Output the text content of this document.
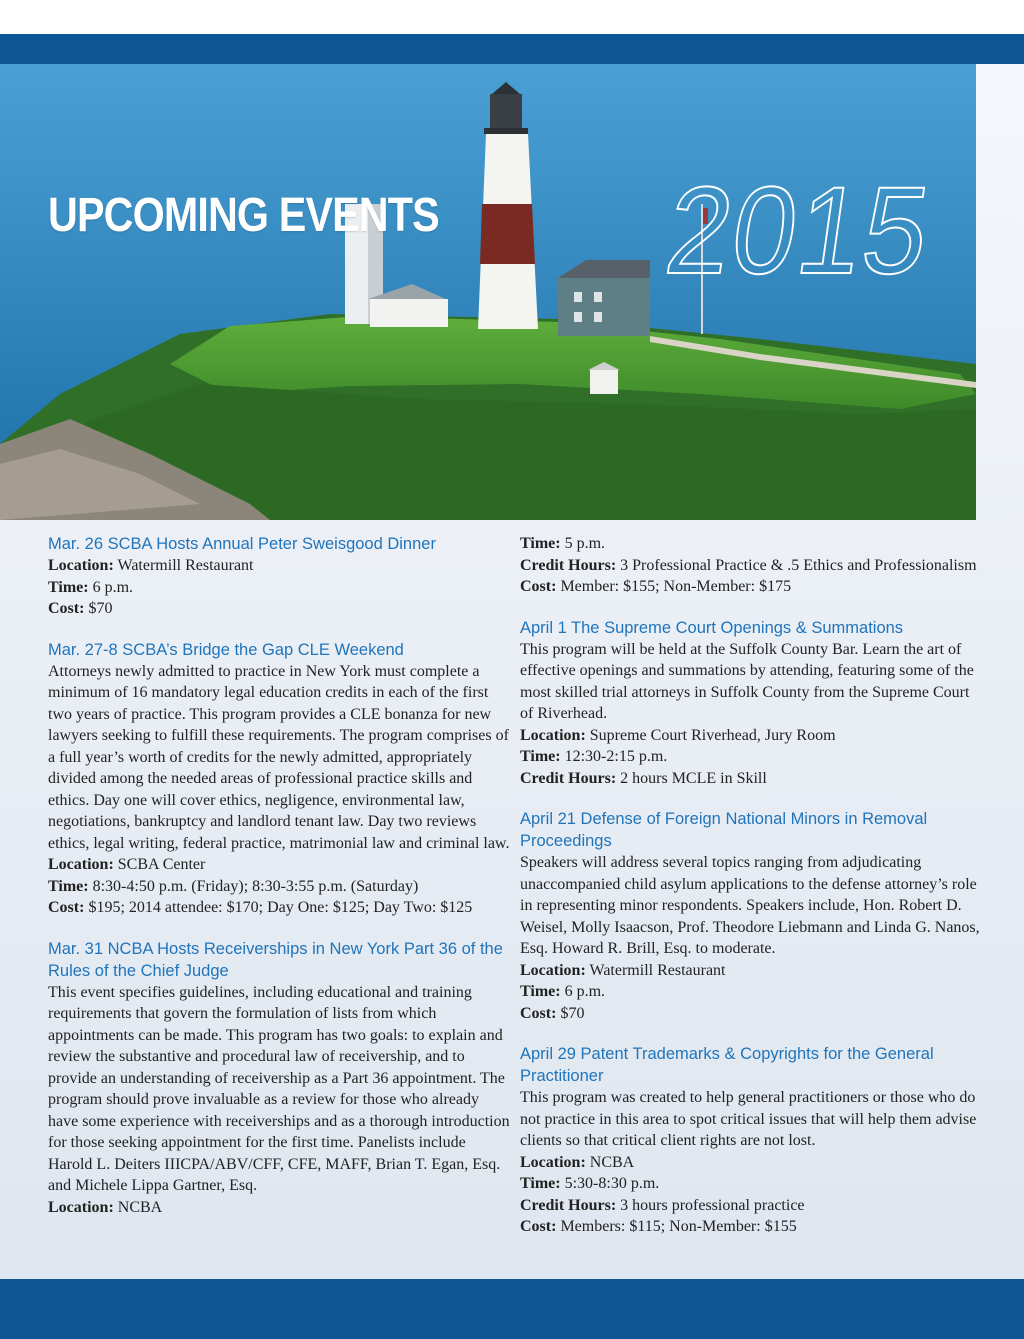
UPCOMING EVENTS 2015
Mar. 26 SCBA Hosts Annual Peter Sweisgood Dinner

Location: Watermill Restaurant

Time: 6 p.m.

Cost: $70

Mar. 27-8 SCBA’s Bridge the Gap CLE Weekend

Attorneys newly admitted to practice in New York must complete a minimum of 16 mandatory legal education credits in each of the first two years of practice. This program provides a CLE bonanza for new lawyers seeking to fulfill these requirements. The program comprises of a full year’s worth of credits for the newly admitted, appropriately divided among the needed areas of professional practice skills and ethics. Day one will cover ethics, negligence, environmental law, negotiations, bankruptcy and landlord tenant law. Day two reviews ethics, legal writing, federal practice, matrimonial law and criminal law.

Location: SCBA Center

Time: 8:30-4:50 p.m. (Friday); 8:30-3:55 p.m. (Saturday)

Cost: $195; 2014 attendee: $170; Day One: $125; Day Two: $125

Mar. 31 NCBA Hosts Receiverships in New York Part 36 of the Rules of the Chief Judge

This event specifies guidelines, including educational and training requirements that govern the formulation of lists from which appointments can be made. This program has two goals: to explain and review the substantive and procedural law of receivership, and to provide an understanding of receivership as a Part 36 appointment. The program should prove invaluable as a review for those who already have some experience with receiverships and as a thorough introduction for those seeking appointment for the first time. Panelists include Harold L. Deiters IIICPA/ABV/CFF, CFE, MAFF, Brian T. Egan, Esq. and Michele Lippa Gartner, Esq.

Location: NCBA

Time: 5 p.m.

Credit Hours: 3 Professional Practice & .5 Ethics and Professionalism

Cost: Member: $155; Non-Member: $175

April 1 The Supreme Court Openings & Summations

This program will be held at the Suffolk County Bar. Learn the art of effective openings and summations by attending, featuring some of the most skilled trial attorneys in Suffolk County from the Supreme Court of Riverhead.

Location: Supreme Court Riverhead, Jury Room

Time: 12:30-2:15 p.m.

Credit Hours: 2 hours MCLE in Skill

April 21 Defense of Foreign National Minors in Removal Proceedings

Speakers will address several topics ranging from adjudicating unaccompanied child asylum applications to the defense attorney’s role in representing minor respondents. Speakers include, Hon. Robert D. Weisel, Molly Isaacson, Prof. Theodore Liebmann and Linda G. Nanos, Esq. Howard R. Brill, Esq. to moderate.

Location: Watermill Restaurant

Time: 6 p.m.

Cost: $70

April 29 Patent Trademarks & Copyrights for the General Practitioner

This program was created to help general practitioners or those who do not practice in this area to spot critical issues that will help them advise clients so that critical client rights are not lost.

Location: NCBA

Time: 5:30-8:30 p.m.

Credit Hours: 3 hours professional practice

Cost: Members: $115; Non-Member: $155
